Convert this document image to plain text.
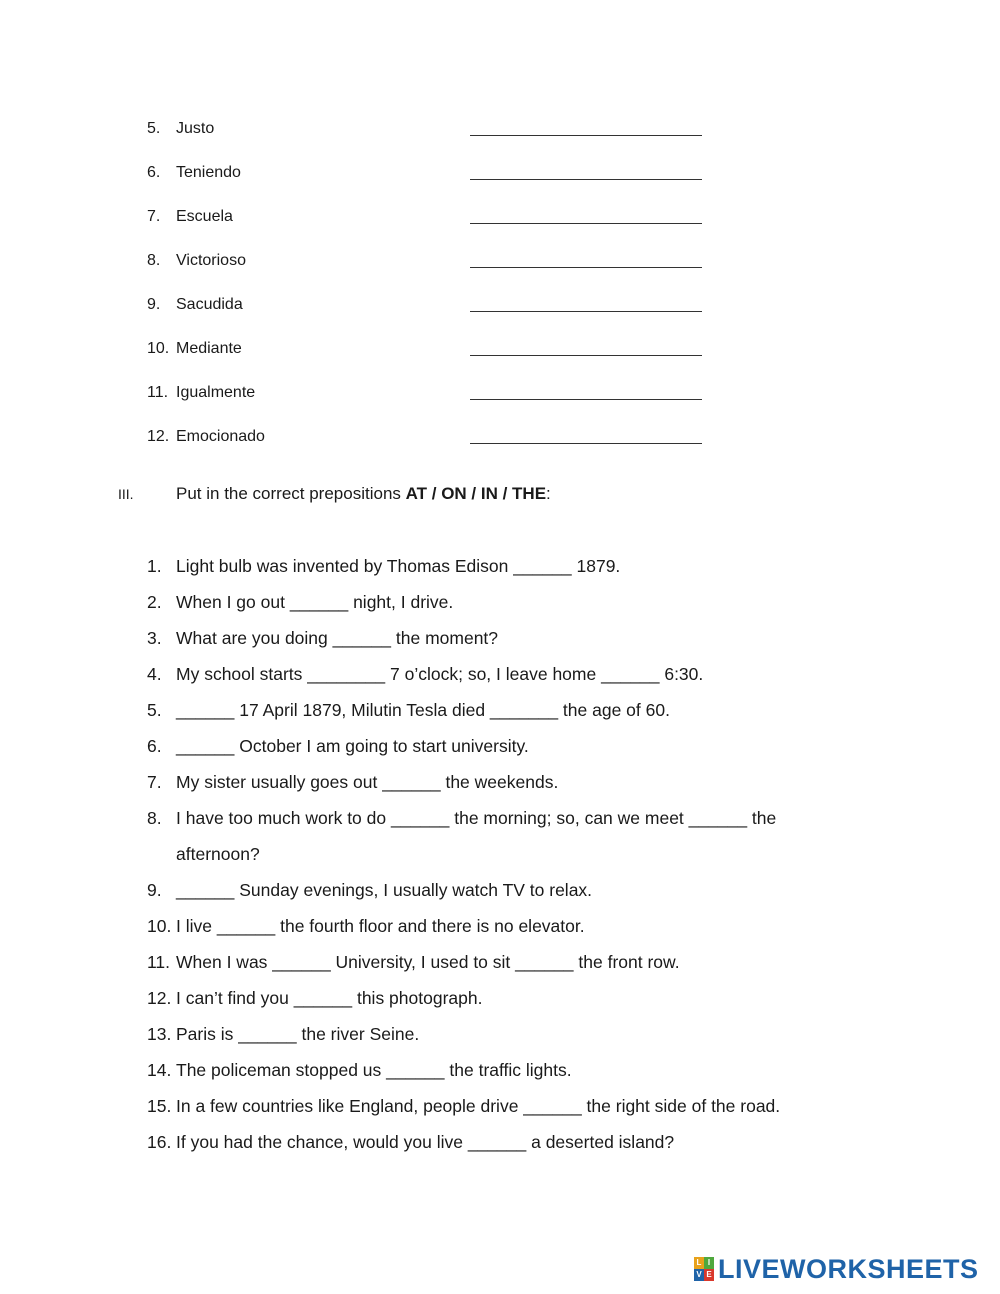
5. Justo
6. Teniendo
7. Escuela
8. Victorioso
9. Sacudida
10. Mediante
11. Igualmente
12. Emocionado
III. Put in the correct prepositions AT / ON / IN / THE:
1. Light bulb was invented by Thomas Edison ______ 1879.
2. When I go out ______ night, I drive.
3. What are you doing ______ the moment?
4. My school starts ________ 7 o’clock; so, I leave home ______ 6:30.
5. ______ 17 April 1879, Milutin Tesla died _______ the age of 60.
6. ______ October I am going to start university.
7. My sister usually goes out ______ the weekends.
8. I have too much work to do ______ the morning; so, can we meet ______ the afternoon?
9. ______ Sunday evenings, I usually watch TV to relax.
10. I live ______ the fourth floor and there is no elevator.
11. When I was ______ University, I used to sit ______ the front row.
12. I can’t find you ______ this photograph.
13. Paris is ______ the river Seine.
14. The policeman stopped us ______ the traffic lights.
15. In a few countries like England, people drive ______ the right side of the road.
16. If you had the chance, would you live ______ a deserted island?
L I
V E LIVEWORKSHEETS
